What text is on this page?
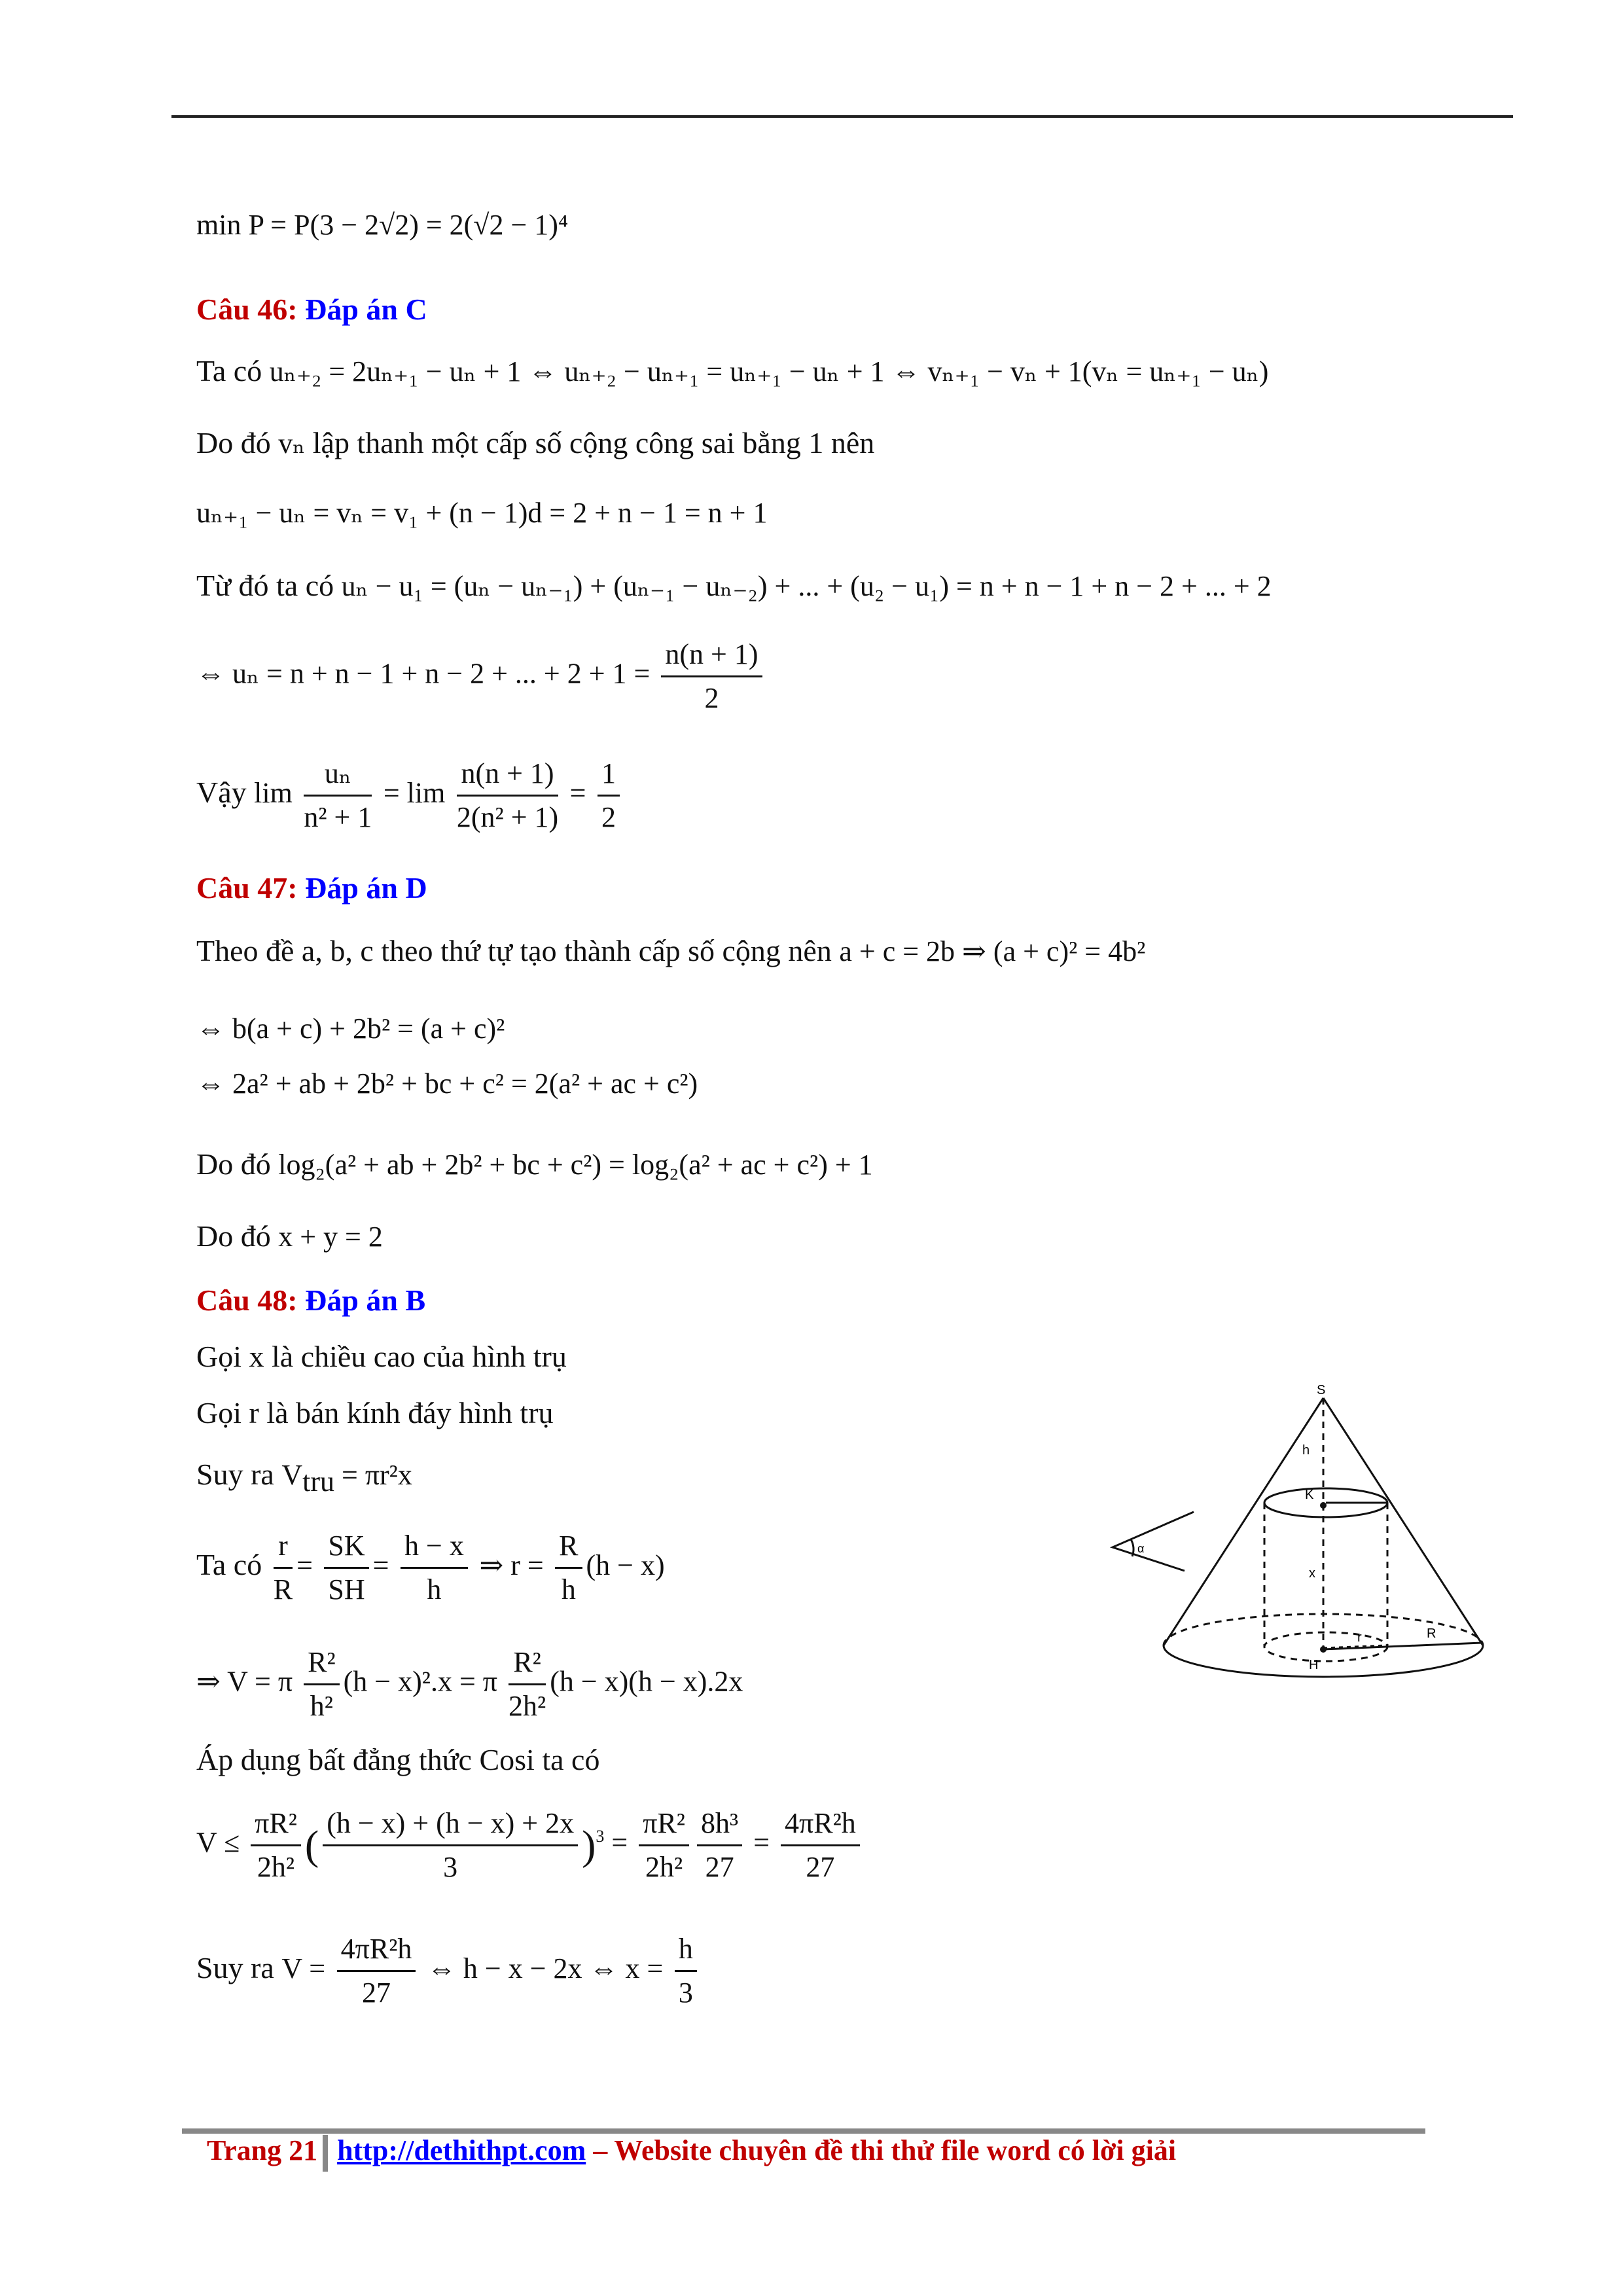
min P = P(3 − 2√2) = 2(√2 − 1)⁴
Câu 46: Đáp án C
Ta có uₙ₊₂ = 2uₙ₊₁ − uₙ + 1 ⇔ uₙ₊₂ − uₙ₊₁ = uₙ₊₁ − uₙ + 1 ⇔ vₙ₊₁ − vₙ + 1(vₙ = uₙ₊₁ − uₙ)
Do đó vₙ lập thanh một cấp số cộng công sai bằng 1 nên
uₙ₊₁ − uₙ = vₙ = v₁ + (n − 1)d = 2 + n − 1 = n + 1
Từ đó ta có uₙ − u₁ = (uₙ − uₙ₋₁) + (uₙ₋₁ − uₙ₋₂) + ... + (u₂ − u₁) = n + n − 1 + n − 2 + ... + 2
⇔ uₙ = n + n − 1 + n − 2 + ... + $2 + 1 = \frac{n(n + 1)}{2}$
Vậy $\lim \frac{\text{uₙ}}{\text{n² + 1}} = \lim \frac{n(n + 1)}{\text{2(n² + 1)}} = \frac{1}{2}$
Câu 47: Đáp án D
Theo đề a, b, c theo thứ tự tạo thành cấp số cộng nên a + c = 2b ⇒ (a + c)² = 4b²
⇔ b(a + c) + 2b² = (a + c)²
⇔ 2a² + ab + 2b² + bc + c² = 2(a² + ac + c²)
Do đó log₂(a² + ab + 2b² + bc + c²) = log₂(a² + ac + c²) + 1
Do đó x + y = 2
Câu 48: Đáp án B
Gọi x là chiều cao của hình trụ
Gọi r là bán kính đáy hình trụ
Suy ra $V_{tru} = \pi r^2x$
Ta có $\frac{r}{R} = \frac{SK}{SH} = \frac{h - x}{h}$ ⇒ $r = \frac{R}{h} (h - x)$
⇒ V = π $\frac{\text{R²}}{\text{h²}} (h - x)^2.x = \pi \frac{\text{R²}}{\text{2h²}} (h - x)(h - x).2x$
Áp dụng bất đẳng thức Cosi ta có
$V \le \frac{\text{πR²}}{\text{2h²}}$ ( $\frac{(h - x) + (h - x) + 2x}{3} )^3 = \frac{\text{πR²}}{\text{2h²}} \frac{\text{8h³}}{27} = \frac{\text{4πR²h}}{27}$
Suy ra $V = \frac{\text{4πR²h}}{27}$ ⇔ h − x − 2x ⇔ $x = \frac{h}{3}$
S
h
K
x
r	R
H
α
Trang 21 http://dethithpt.com – Website chuyên đề thi thử file word có lời giải
